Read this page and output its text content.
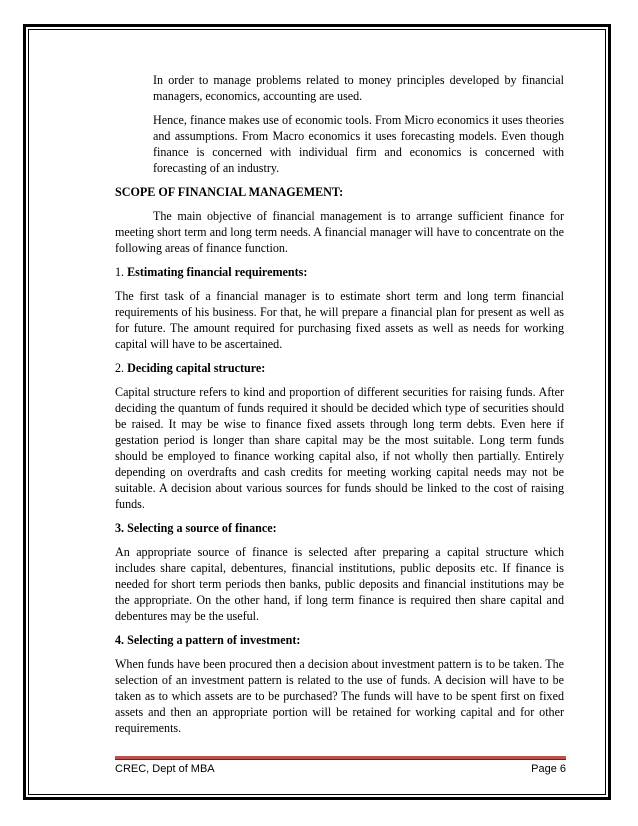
In order to manage problems related to money principles developed by financial managers, economics, accounting are used.

Hence, finance makes use of economic tools. From Micro economics it uses theories and assumptions. From Macro economics it uses forecasting models. Even though finance is concerned with individual firm and economics is concerned with forecasting of an industry.

SCOPE OF FINANCIAL MANAGEMENT:

The main objective of financial management is to arrange sufficient finance for meeting short term and long term needs. A financial manager will have to concentrate on the following areas of finance function.

1. Estimating financial requirements:

The first task of a financial manager is to estimate short term and long term financial requirements of his business. For that, he will prepare a financial plan for present as well as for future. The amount required for purchasing fixed assets as well as needs for working capital will have to be ascertained.

2. Deciding capital structure:

Capital structure refers to kind and proportion of different securities for raising funds. After deciding the quantum of funds required it should be decided which type of securities should be raised. It may be wise to finance fixed assets through long term debts. Even here if gestation period is longer than share capital may be the most suitable. Long term funds should be employed to finance working capital also, if not wholly then partially. Entirely depending on overdrafts and cash credits for meeting working capital needs may not be suitable. A decision about various sources for funds should be linked to the cost of raising funds.

3. Selecting a source of finance:

An appropriate source of finance is selected after preparing a capital structure which includes share capital, debentures, financial institutions, public deposits etc. If finance is needed for short term periods then banks, public deposits and financial institutions may be the appropriate. On the other hand, if long term finance is required then share capital and debentures may be the useful.

4. Selecting a pattern of investment:

When funds have been procured then a decision about investment pattern is to be taken. The selection of an investment pattern is related to the use of funds. A decision will have to be taken as to which assets are to be purchased? The funds will have to be spent first on fixed assets and then an appropriate portion will be retained for working capital and for other requirements.

CREC, Dept of MBA	Page 6
